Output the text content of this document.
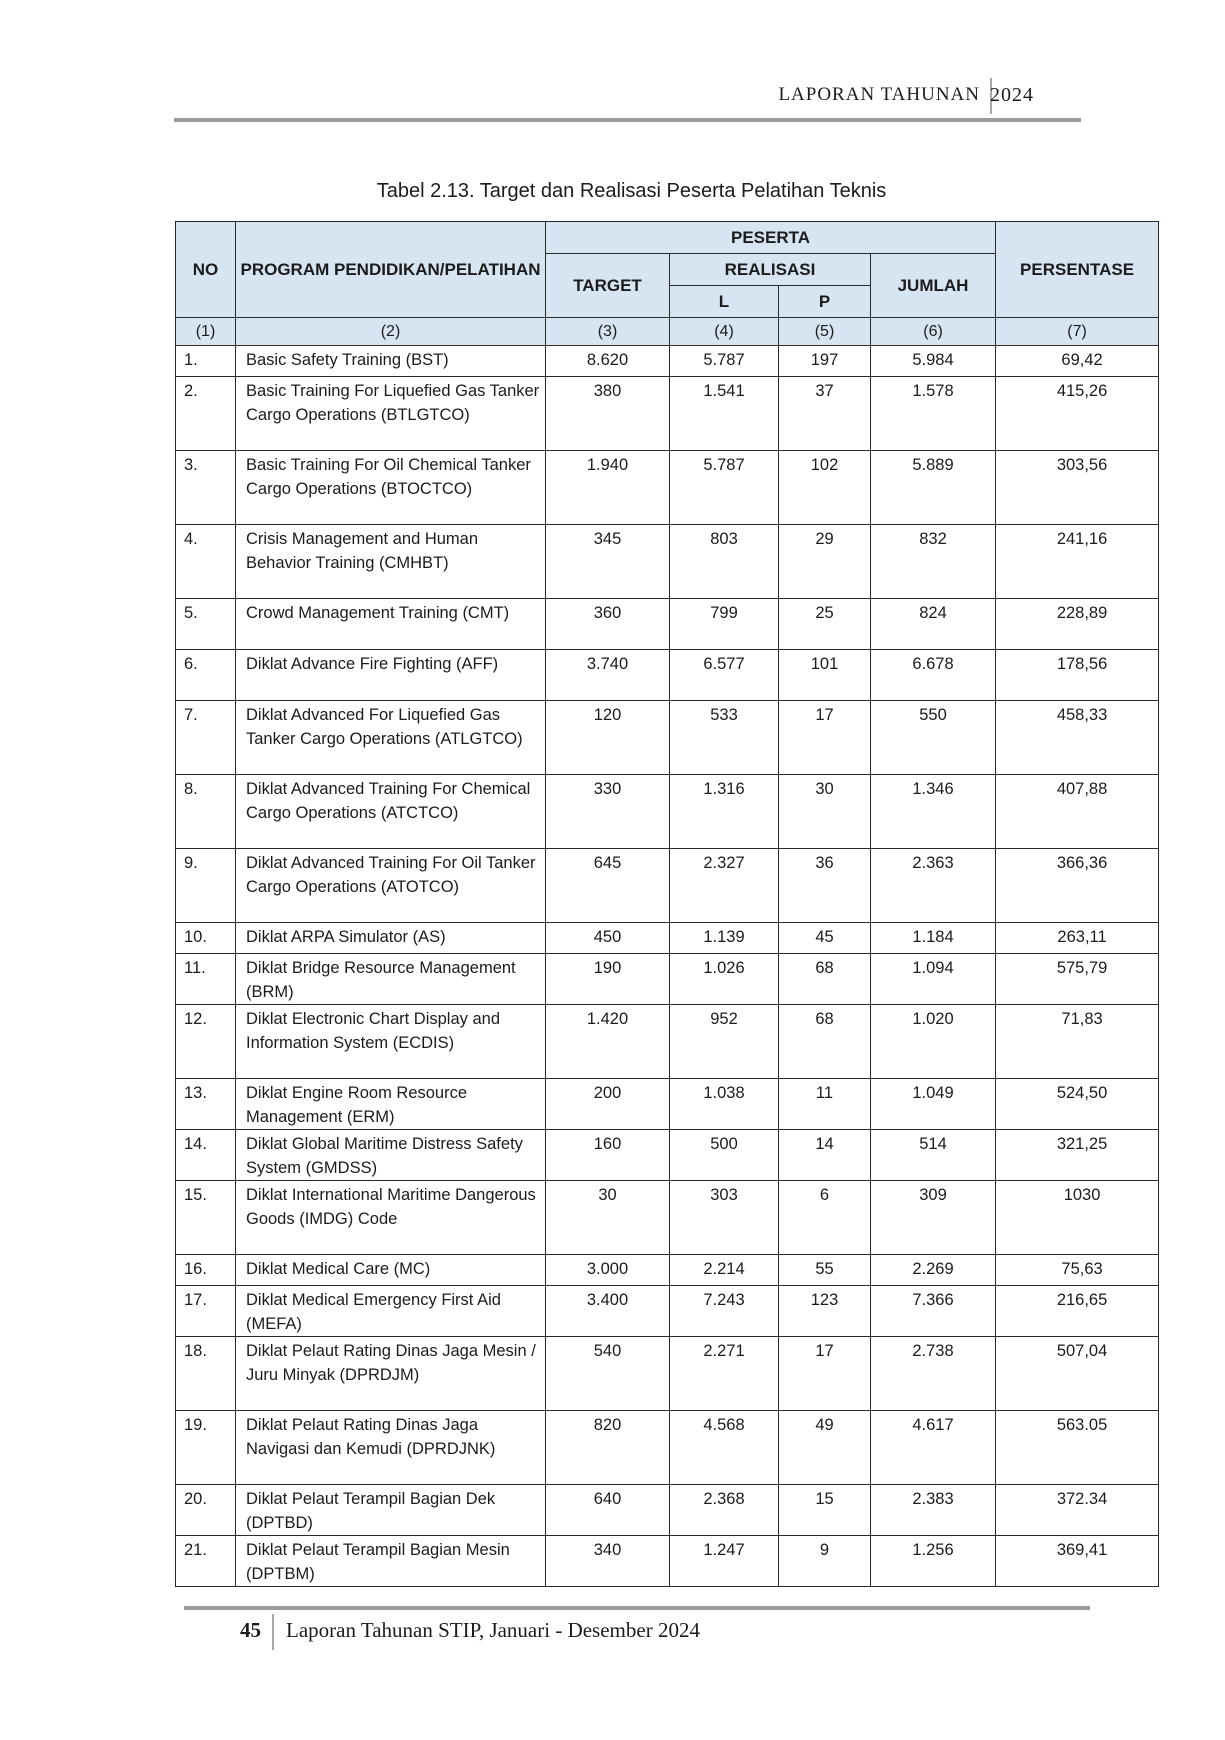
LAPORAN TAHUNAN 2024
Tabel 2.13. Target dan Realisasi Peserta Pelatihan Teknis
NO	PROGRAM PENDIDIKAN/PELATIHAN	PESERTA				PERSENTASE
		TARGET	REALISASI		JUMLAH	
			L	P		
(1)	(2)	(3)	(4)	(5)	(6)	(7)
1.	Basic Safety Training (BST)	8.620	5.787	197	5.984	69,42
2.	Basic Training For Liquefied Gas Tanker Cargo Operations (BTLGTCO)	380	1.541	37	1.578	415,26
3.	Basic Training For Oil Chemical Tanker Cargo Operations (BTOCTCO)	1.940	5.787	102	5.889	303,56
4.	Crisis Management and Human Behavior Training (CMHBT)	345	803	29	832	241,16
5.	Crowd Management Training (CMT)	360	799	25	824	228,89
6.	Diklat Advance Fire Fighting (AFF)	3.740	6.577	101	6.678	178,56
7.	Diklat Advanced For Liquefied Gas Tanker Cargo Operations (ATLGTCO)	120	533	17	550	458,33
8.	Diklat Advanced Training For Chemical Cargo Operations (ATCTCO)	330	1.316	30	1.346	407,88
9.	Diklat Advanced Training For Oil Tanker Cargo Operations (ATOTCO)	645	2.327	36	2.363	366,36
10.	Diklat ARPA Simulator (AS)	450	1.139	45	1.184	263,11
11.	Diklat Bridge Resource Management (BRM)	190	1.026	68	1.094	575,79
12.	Diklat Electronic Chart Display and Information System (ECDIS)	1.420	952	68	1.020	71,83
13.	Diklat Engine Room Resource Management (ERM)	200	1.038	11	1.049	524,50
14.	Diklat Global Maritime Distress Safety System (GMDSS)	160	500	14	514	321,25
15.	Diklat International Maritime Dangerous Goods (IMDG) Code	30	303	6	309	1030
16.	Diklat Medical Care (MC)	3.000	2.214	55	2.269	75,63
17.	Diklat Medical Emergency First Aid (MEFA)	3.400	7.243	123	7.366	216,65
18.	Diklat Pelaut Rating Dinas Jaga Mesin / Juru Minyak (DPRDJM)	540	2.271	17	2.738	507,04
19.	Diklat Pelaut Rating Dinas Jaga Navigasi dan Kemudi (DPRDJNK)	820	4.568	49	4.617	563.05
20.	Diklat Pelaut Terampil Bagian Dek (DPTBD)	640	2.368	15	2.383	372.34
21.	Diklat Pelaut Terampil Bagian Mesin (DPTBM)	340	1.247	9	1.256	369,41
45 Laporan Tahunan STIP, Januari - Desember 2024
